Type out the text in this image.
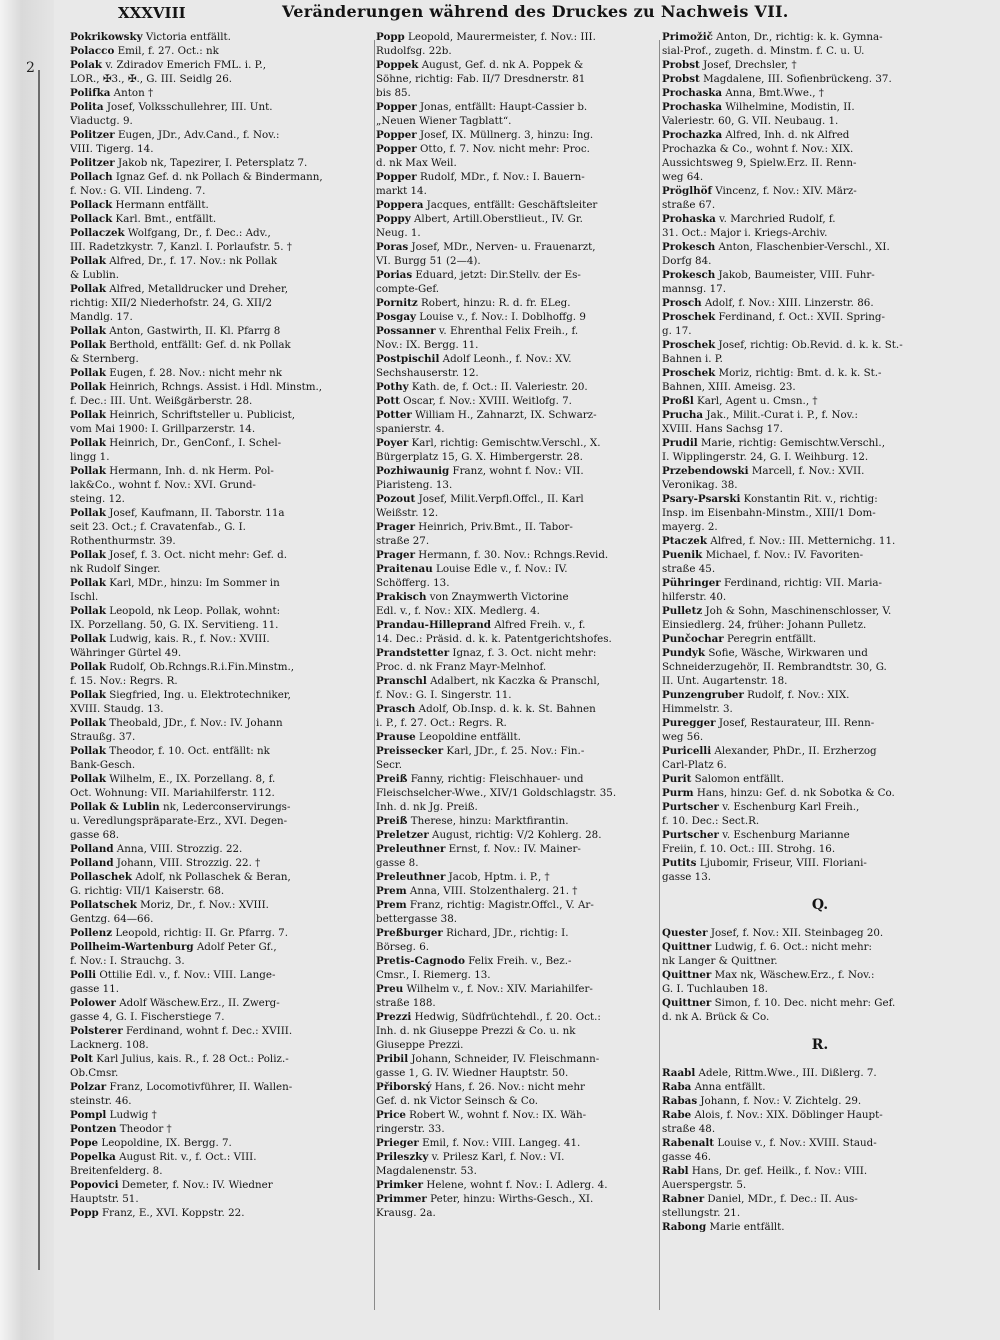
2
XXXVIII	Veränderungen während des Druckes zu Nachweis VII.
Pokrikowsky Victoria entfällt.
Polacco Emil, f. 27. Oct.: nk
Polak v. Zdiradov Emerich FML. i. P.,
LOR., ✠3., ✠., G. III. Seidlg 26.
Polifka Anton †
Polita Josef, Volksschullehrer, III. Unt.
Viaductg. 9.
Politzer Eugen, JDr., Adv.Cand., f. Nov.:
VIII. Tigerg. 14.
Politzer Jakob nk, Tapezirer, I. Petersplatz 7.
Pollach Ignaz Gef. d. nk Pollach & Bindermann,
f. Nov.: G. VII. Lindeng. 7.
Pollack Hermann entfällt.
Pollack Karl. Bmt., entfällt.
Pollaczek Wolfgang, Dr., f. Dec.: Adv.,
III. Radetzkystr. 7, Kanzl. I. Porlaufstr. 5. †
Pollak Alfred, Dr., f. 17. Nov.: nk Pollak
& Lublin.
Pollak Alfred, Metalldrucker und Dreher,
richtig: XII/2 Niederhofstr. 24, G. XII/2
Mandlg. 17.
Pollak Anton, Gastwirth, II. Kl. Pfarrg 8
Pollak Berthold, entfällt: Gef. d. nk Pollak
& Sternberg.
Pollak Eugen, f. 28. Nov.: nicht mehr nk
Pollak Heinrich, Rchngs. Assist. i Hdl. Minstm.,
f. Dec.: III. Unt. Weißgärberstr. 28.
Pollak Heinrich, Schriftsteller u. Publicist,
vom Mai 1900: I. Grillparzerstr. 14.
Pollak Heinrich, Dr., GenConf., I. Schel-
lingg 1.
Pollak Hermann, Inh. d. nk Herm. Pol-
lak&Co., wohnt f. Nov.: XVI. Grund-
steing. 12.
Pollak Josef, Kaufmann, II. Taborstr. 11a
seit 23. Oct.; f. Cravatenfab., G. I.
Rothenthurmstr. 39.
Pollak Josef, f. 3. Oct. nicht mehr: Gef. d.
nk Rudolf Singer.
Pollak Karl, MDr., hinzu: Im Sommer in
Ischl.
Pollak Leopold, nk Leop. Pollak, wohnt:
IX. Porzellang. 50, G. IX. Servitieng. 11.
Pollak Ludwig, kais. R., f. Nov.: XVIII.
Währinger Gürtel 49.
Pollak Rudolf, Ob.Rchngs.R.i.Fin.Minstm.,
f. 15. Nov.: Regrs. R.
Pollak Siegfried, Ing. u. Elektrotechniker,
XVIII. Staudg. 13.
Pollak Theobald, JDr., f. Nov.: IV. Johann
Straußg. 37.
Pollak Theodor, f. 10. Oct. entfällt: nk
Bank-Gesch.
Pollak Wilhelm, E., IX. Porzellang. 8, f.
Oct. Wohnung: VII. Mariahilferstr. 112.
Pollak & Lublin nk, Lederconservirungs-
u. Veredlungspräparate-Erz., XVI. Degen-
gasse 68.
Polland Anna, VIII. Strozzig. 22.
Polland Johann, VIII. Strozzig. 22. †
Pollaschek Adolf, nk Pollaschek & Beran,
G. richtig: VII/1 Kaiserstr. 68.
Pollatschek Moriz, Dr., f. Nov.: XVIII.
Gentzg. 64—66.
Pollenz Leopold, richtig: II. Gr. Pfarrg. 7.
Pollheim-Wartenburg Adolf Peter Gf.,
f. Nov.: I. Strauchg. 3.
Polli Ottilie Edl. v., f. Nov.: VIII. Lange-
gasse 11.
Polower Adolf Wäschew.Erz., II. Zwerg-
gasse 4, G. I. Fischerstiege 7.
Polsterer Ferdinand, wohnt f. Dec.: XVIII.
Lacknerg. 108.
Polt Karl Julius, kais. R., f. 28 Oct.: Poliz.-
Ob.Cmsr.
Polzar Franz, Locomotivführer, II. Wallen-
steinstr. 46.
Pompl Ludwig †
Pontzen Theodor †
Pope Leopoldine, IX. Bergg. 7.
Popelka August Rit. v., f. Oct.: VIII.
Breitenfelderg. 8.
Popovici Demeter, f. Nov.: IV. Wiedner
Hauptstr. 51.
Popp Franz, E., XVI. Koppstr. 22.
Popp Leopold, Maurermeister, f. Nov.: III.
Rudolfsg. 22b.
Poppek August, Gef. d. nk A. Poppek &
Söhne, richtig: Fab. II/7 Dresdnerstr. 81
bis 85.
Popper Jonas, entfällt: Haupt-Cassier b.
„Neuen Wiener Tagblatt“.
Popper Josef, IX. Müllnerg. 3, hinzu: Ing.
Popper Otto, f. 7. Nov. nicht mehr: Proc.
d. nk Max Weil.
Popper Rudolf, MDr., f. Nov.: I. Bauern-
markt 14.
Poppera Jacques, entfällt: Geschäftsleiter
Poppy Albert, Artill.Oberstlieut., IV. Gr.
Neug. 1.
Poras Josef, MDr., Nerven- u. Frauenarzt,
VI. Burgg 51 (2—4).
Porias Eduard, jetzt: Dir.Stellv. der Es-
compte-Gef.
Pornitz Robert, hinzu: R. d. fr. ELeg.
Posgay Louise v., f. Nov.: I. Doblhoffg. 9
Possanner v. Ehrenthal Felix Freih., f.
Nov.: IX. Bergg. 11.
Postpischil Adolf Leonh., f. Nov.: XV.
Sechshauserstr. 12.
Pothy Kath. de, f. Oct.: II. Valeriestr. 20.
Pott Oscar, f. Nov.: XVIII. Weitlofg. 7.
Potter William H., Zahnarzt, IX. Schwarz-
spanierstr. 4.
Poyer Karl, richtig: Gemischtw.Verschl., X.
Bürgerplatz 15, G. X. Himbergerstr. 28.
Pozhiwaunig Franz, wohnt f. Nov.: VII.
Piaristeng. 13.
Pozout Josef, Milit.Verpfl.Offcl., II. Karl
Weißstr. 12.
Prager Heinrich, Priv.Bmt., II. Tabor-
straße 27.
Prager Hermann, f. 30. Nov.: Rchngs.Revid.
Praitenau Louise Edle v., f. Nov.: IV.
Schöfferg. 13.
Prakisch von Znaymwerth Victorine
Edl. v., f. Nov.: XIX. Medlerg. 4.
Prandau-Hilleprand Alfred Freih. v., f.
14. Dec.: Präsid. d. k. k. Patentgerichtshofes.
Prandstetter Ignaz, f. 3. Oct. nicht mehr:
Proc. d. nk Franz Mayr-Melnhof.
Pranschl Adalbert, nk Kaczka & Pranschl,
f. Nov.: G. I. Singerstr. 11.
Prasch Adolf, Ob.Insp. d. k. k. St. Bahnen
i. P., f. 27. Oct.: Regrs. R.
Prause Leopoldine entfällt.
Preissecker Karl, JDr., f. 25. Nov.: Fin.-
Secr.
Preiß Fanny, richtig: Fleischhauer- und
Fleischselcher-Wwe., XIV/1 Goldschlagstr. 35.
Inh. d. nk Jg. Preiß.
Preiß Therese, hinzu: Marktfirantin.
Preletzer August, richtig: V/2 Kohlerg. 28.
Preleuthner Ernst, f. Nov.: IV. Mainer-
gasse 8.
Preleuthner Jacob, Hptm. i. P., †
Prem Anna, VIII. Stolzenthalerg. 21. †
Prem Franz, richtig: Magistr.Offcl., V. Ar-
bettergasse 38.
Preßburger Richard, JDr., richtig: I.
Börseg. 6.
Pretis-Cagnodo Felix Freih. v., Bez.-
Cmsr., I. Riemerg. 13.
Preu Wilhelm v., f. Nov.: XIV. Mariahilfer-
straße 188.
Prezzi Hedwig, Südfrüchtehdl., f. 20. Oct.:
Inh. d. nk Giuseppe Prezzi & Co. u. nk
Giuseppe Prezzi.
Pribil Johann, Schneider, IV. Fleischmann-
gasse 1, G. IV. Wiedner Hauptstr. 50.
Přiborský Hans, f. 26. Nov.: nicht mehr
Gef. d. nk Victor Seinsch & Co.
Price Robert W., wohnt f. Nov.: IX. Wäh-
ringerstr. 33.
Prieger Emil, f. Nov.: VIII. Langeg. 41.
Prileszky v. Prilesz Karl, f. Nov.: VI.
Magdalenenstr. 53.
Primker Helene, wohnt f. Nov.: I. Adlerg. 4.
Primmer Peter, hinzu: Wirths-Gesch., XI.
Krausg. 2a.
Primožič Anton, Dr., richtig: k. k. Gymna-
sial-Prof., zugeth. d. Minstm. f. C. u. U.
Probst Josef, Drechsler, †
Probst Magdalene, III. Sofienbrückeng. 37.
Prochaska Anna, Bmt.Wwe., †
Prochaska Wilhelmine, Modistin, II.
Valeriestr. 60, G. VII. Neubaug. 1.
Prochazka Alfred, Inh. d. nk Alfred
Prochazka & Co., wohnt f. Nov.: XIX.
Aussichtsweg 9, Spielw.Erz. II. Renn-
weg 64.
Pröglhöf Vincenz, f. Nov.: XIV. März-
straße 67.
Prohaska v. Marchried Rudolf, f.
31. Oct.: Major i. Kriegs-Archiv.
Prokesch Anton, Flaschenbier-Verschl., XI.
Dorfg 84.
Prokesch Jakob, Baumeister, VIII. Fuhr-
mannsg. 17.
Prosch Adolf, f. Nov.: XIII. Linzerstr. 86.
Proschek Ferdinand, f. Oct.: XVII. Spring-
g. 17.
Proschek Josef, richtig: Ob.Revid. d. k. k. St.-
Bahnen i. P.
Proschek Moriz, richtig: Bmt. d. k. k. St.-
Bahnen, XIII. Ameisg. 23.
Proßl Karl, Agent u. Cmsn., †
Prucha Jak., Milit.-Curat i. P., f. Nov.:
XVIII. Hans Sachsg 17.
Prudil Marie, richtig: Gemischtw.Verschl.,
I. Wipplingerstr. 24, G. I. Weihburg. 12.
Przebendowski Marcell, f. Nov.: XVII.
Veronikag. 38.
Psary-Psarski Konstantin Rit. v., richtig:
Insp. im Eisenbahn-Minstm., XIII/1 Dom-
mayerg. 2.
Ptaczek Alfred, f. Nov.: III. Metternichg. 11.
Puenik Michael, f. Nov.: IV. Favoriten-
straße 45.
Pühringer Ferdinand, richtig: VII. Maria-
hilferstr. 40.
Pulletz Joh & Sohn, Maschinenschlosser, V.
Einsiedlerg. 24, früher: Johann Pulletz.
Punčochar Peregrin entfällt.
Pundyk Sofie, Wäsche, Wirkwaren und
Schneiderzugehör, II. Rembrandtstr. 30, G.
II. Unt. Augartenstr. 18.
Punzengruber Rudolf, f. Nov.: XIX.
Himmelstr. 3.
Puregger Josef, Restaurateur, III. Renn-
weg 56.
Puricelli Alexander, PhDr., II. Erzherzog
Carl-Platz 6.
Purit Salomon entfällt.
Purm Hans, hinzu: Gef. d. nk Sobotka & Co.
Purtscher v. Eschenburg Karl Freih.,
f. 10. Dec.: Sect.R.
Purtscher v. Eschenburg Marianne
Freiin, f. 10. Oct.: III. Strohg. 16.
Putits Ljubomir, Friseur, VIII. Floriani-
gasse 13.
Q.
Quester Josef, f. Nov.: XII. Steinbageg 20.
Quittner Ludwig, f. 6. Oct.: nicht mehr:
nk Langer & Quittner.
Quittner Max nk, Wäschew.Erz., f. Nov.:
G. I. Tuchlauben 18.
Quittner Simon, f. 10. Dec. nicht mehr: Gef.
d. nk A. Brück & Co.
R.
Raabl Adele, Rittm.Wwe., III. Dißlerg. 7.
Raba Anna entfällt.
Rabas Johann, f. Nov.: V. Zichtelg. 29.
Rabe Alois, f. Nov.: XIX. Döblinger Haupt-
straße 48.
Rabenalt Louise v., f. Nov.: XVIII. Staud-
gasse 46.
Rabl Hans, Dr. gef. Heilk., f. Nov.: VIII.
Auerspergstr. 5.
Rabner Daniel, MDr., f. Dec.: II. Aus-
stellungstr. 21.
Rabong Marie entfällt.
